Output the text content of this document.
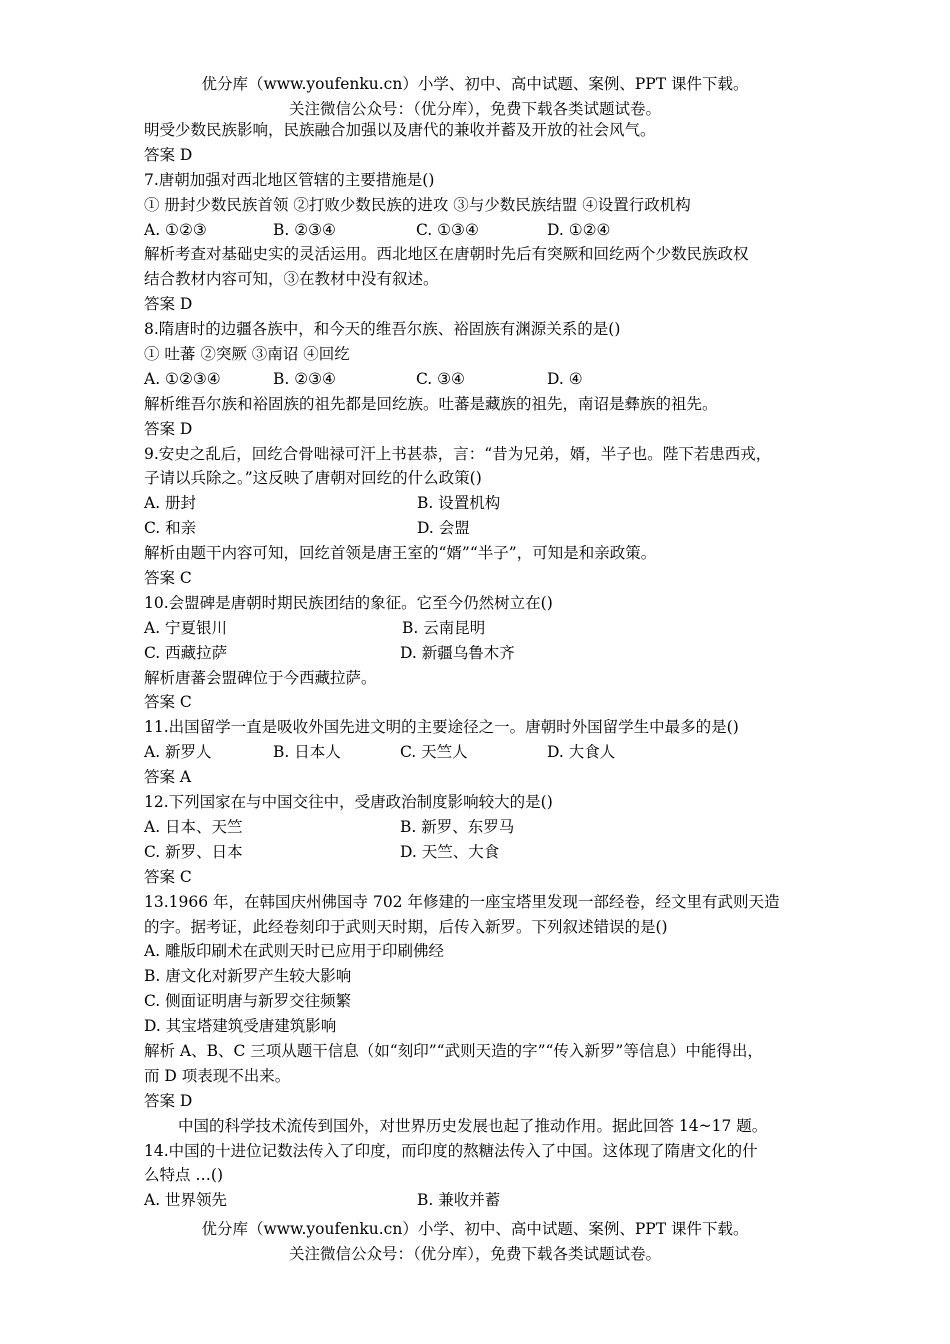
优分库（www.youfenku.cn）小学、初中、高中试题、案例、PPT 课件下载。
关注微信公众号：（优分库），免费下载各类试题试卷。
明受少数民族影响，民族融合加强以及唐代的兼收并蓄及开放的社会风气。
答案 D
7.唐朝加强对西北地区管辖的主要措施是()
① 册封少数民族首领 ②打败少数民族的进攻 ③与少数民族结盟 ④设置行政机构
A. ①②③	B. ②③④	C. ①③④	D. ①②④
解析考查对基础史实的灵活运用。西北地区在唐朝时先后有突厥和回纥两个少数民族政权
结合教材内容可知，③在教材中没有叙述。
答案 D
8.隋唐时的边疆各族中，和今天的维吾尔族、裕固族有渊源关系的是()
① 吐蕃 ②突厥 ③南诏 ④回纥
A. ①②③④	B. ②③④	C. ③④	D. ④
解析维吾尔族和裕固族的祖先都是回纥族。吐蕃是藏族的祖先，南诏是彝族的祖先。
答案 D
9.安史之乱后，回纥合骨咄禄可汗上书甚恭，言：“昔为兄弟，婿，半子也。陛下若患西戎，
子请以兵除之。”这反映了唐朝对回纥的什么政策()
A. 册封	B. 设置机构
C. 和亲	D. 会盟
解析由题干内容可知，回纥首领是唐王室的“婿”“半子”，可知是和亲政策。
答案 C
10.会盟碑是唐朝时期民族团结的象征。它至今仍然树立在()
A. 宁夏银川	B. 云南昆明
C. 西藏拉萨	D. 新疆乌鲁木齐
解析唐蕃会盟碑位于今西藏拉萨。
答案 C
11.出国留学一直是吸收外国先进文明的主要途径之一。唐朝时外国留学生中最多的是()
A. 新罗人	B. 日本人	C. 天竺人	D. 大食人
答案 A
12.下列国家在与中国交往中，受唐政治制度影响较大的是()
A. 日本、天竺	B. 新罗、东罗马
C. 新罗、日本	D. 天竺、大食
答案 C
13.1966 年，在韩国庆州佛国寺 702 年修建的一座宝塔里发现一部经卷，经文里有武则天造
的字。据考证，此经卷刻印于武则天时期，后传入新罗。下列叙述错误的是()
A. 雕版印刷术在武则天时已应用于印刷佛经
B. 唐文化对新罗产生较大影响
C. 侧面证明唐与新罗交往频繁
D. 其宝塔建筑受唐建筑影响
解析 A、B、C 三项从题干信息（如“刻印”“武则天造的字”“传入新罗”等信息）中能得出，
而 D 项表现不出来。
答案 D
中国的科学技术流传到国外，对世界历史发展也起了推动作用。据此回答 14~17 题。
14.中国的十进位记数法传入了印度，而印度的熬糖法传入了中国。这体现了隋唐文化的什
么特点 …()
A. 世界领先	B. 兼收并蓄
优分库（www.youfenku.cn）小学、初中、高中试题、案例、PPT 课件下载。
关注微信公众号：（优分库），免费下载各类试题试卷。
